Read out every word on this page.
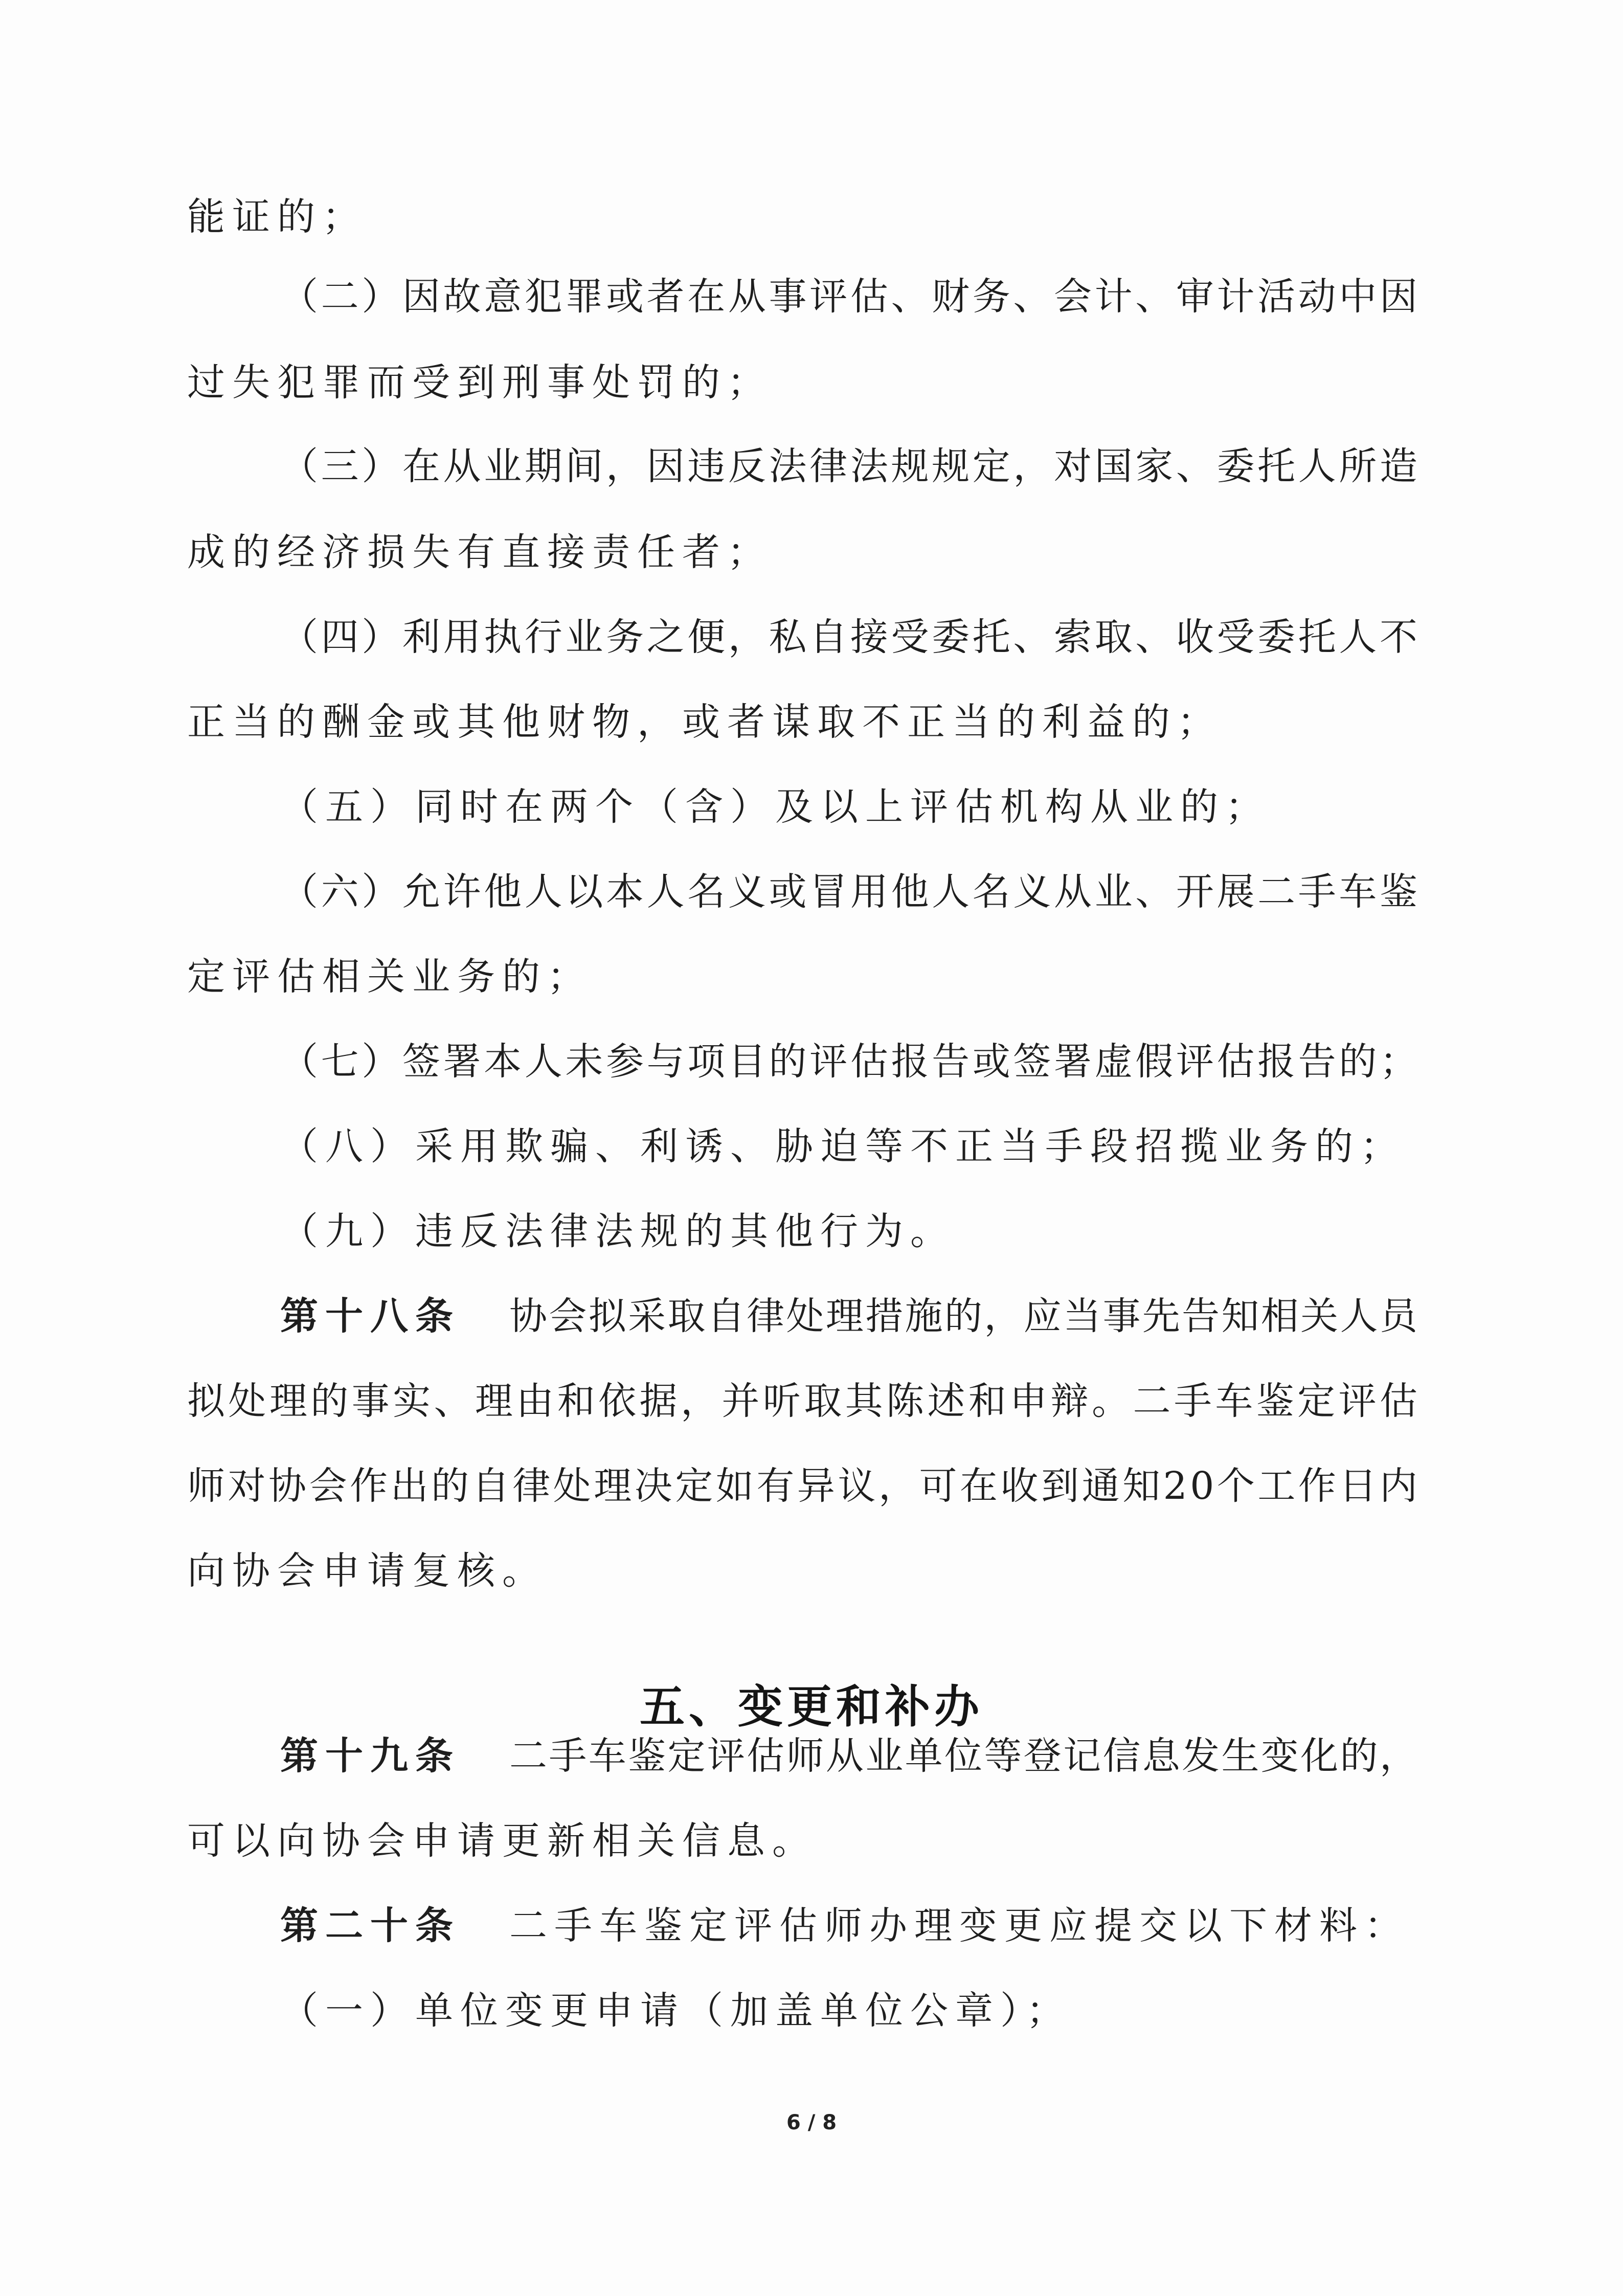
能证的；
（二）因故意犯罪或者在从事评估、财务、会计、审计活动中因
过失犯罪而受到刑事处罚的；
（三）在从业期间，因违反法律法规规定，对国家、委托人所造
成的经济损失有直接责任者；
（四）利用执行业务之便，私自接受委托、索取、收受委托人不
正当的酬金或其他财物，或者谋取不正当的利益的；
（五）同时在两个（含）及以上评估机构从业的；
（六）允许他人以本人名义或冒用他人名义从业、开展二手车鉴
定评估相关业务的；
（七）签署本人未参与项目的评估报告或签署虚假评估报告的；
（八）采用欺骗、利诱、胁迫等不正当手段招揽业务的；
（九）违反法律法规的其他行为。
第十八条 协会拟采取自律处理措施的，应当事先告知相关人员
拟处理的事实、理由和依据，并听取其陈述和申辩。二手车鉴定评估
师对协会作出的自律处理决定如有异议，可在收到通知20个工作日内
向协会申请复核。
第十九条 二手车鉴定评估师从业单位等登记信息发生变化的，
可以向协会申请更新相关信息。
第二十条 二手车鉴定评估师办理变更应提交以下材料：
（一）单位变更申请（加盖单位公章）；
五、变更和补办
6 / 8
